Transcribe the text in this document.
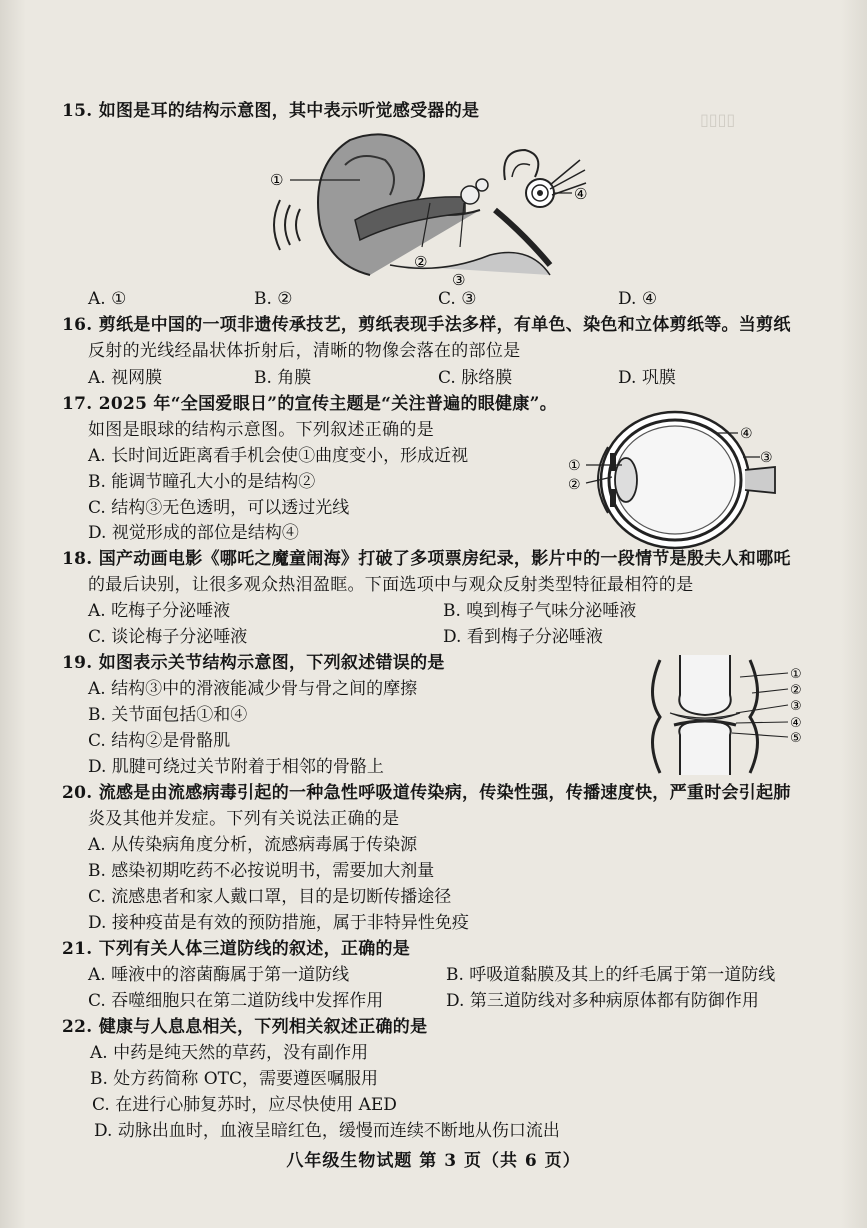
▯▯▯▯
15. 如图是耳的结构示意图，其中表示听觉感受器的是
①
②
③
④
A. ①	B. ②	C. ③	D. ④
16. 剪纸是中国的一项非遗传承技艺，剪纸表现手法多样，有单色、染色和立体剪纸等。当剪纸
反射的光线经晶状体折射后，清晰的物像会落在的部位是
A. 视网膜	B. 角膜	C. 脉络膜	D. 巩膜
17. 2025 年“全国爱眼日”的宣传主题是“关注普遍的眼健康”。
如图是眼球的结构示意图。下列叙述正确的是
A. 长时间近距离看手机会使①曲度变小，形成近视
B. 能调节瞳孔大小的是结构②
C. 结构③无色透明，可以透过光线
D. 视觉形成的部位是结构④
①
②
③
④
18. 国产动画电影《哪吒之魔童闹海》打破了多项票房纪录，影片中的一段情节是殷夫人和哪吒
的最后诀别，让很多观众热泪盈眶。下面选项中与观众反射类型特征最相符的是
A. 吃梅子分泌唾液	B. 嗅到梅子气味分泌唾液
C. 谈论梅子分泌唾液	D. 看到梅子分泌唾液
19. 如图表示关节结构示意图，下列叙述错误的是
A. 结构③中的滑液能减少骨与骨之间的摩擦
B. 关节面包括①和④
C. 结构②是骨骼肌
D. 肌腱可绕过关节附着于相邻的骨骼上
①
②
③
④
⑤
20. 流感是由流感病毒引起的一种急性呼吸道传染病，传染性强，传播速度快，严重时会引起肺
炎及其他并发症。下列有关说法正确的是
A. 从传染病角度分析，流感病毒属于传染源
B. 感染初期吃药不必按说明书，需要加大剂量
C. 流感患者和家人戴口罩，目的是切断传播途径
D. 接种疫苗是有效的预防措施，属于非特异性免疫
21. 下列有关人体三道防线的叙述，正确的是
A. 唾液中的溶菌酶属于第一道防线	B. 呼吸道黏膜及其上的纤毛属于第一道防线
C. 吞噬细胞只在第二道防线中发挥作用	D. 第三道防线对多种病原体都有防御作用
22. 健康与人息息相关，下列相关叙述正确的是
A. 中药是纯天然的草药，没有副作用
B. 处方药简称 OTC，需要遵医嘱服用
C. 在进行心肺复苏时，应尽快使用 AED
D. 动脉出血时，血液呈暗红色，缓慢而连续不断地从伤口流出
八年级生物试题 第 3 页（共 6 页）
